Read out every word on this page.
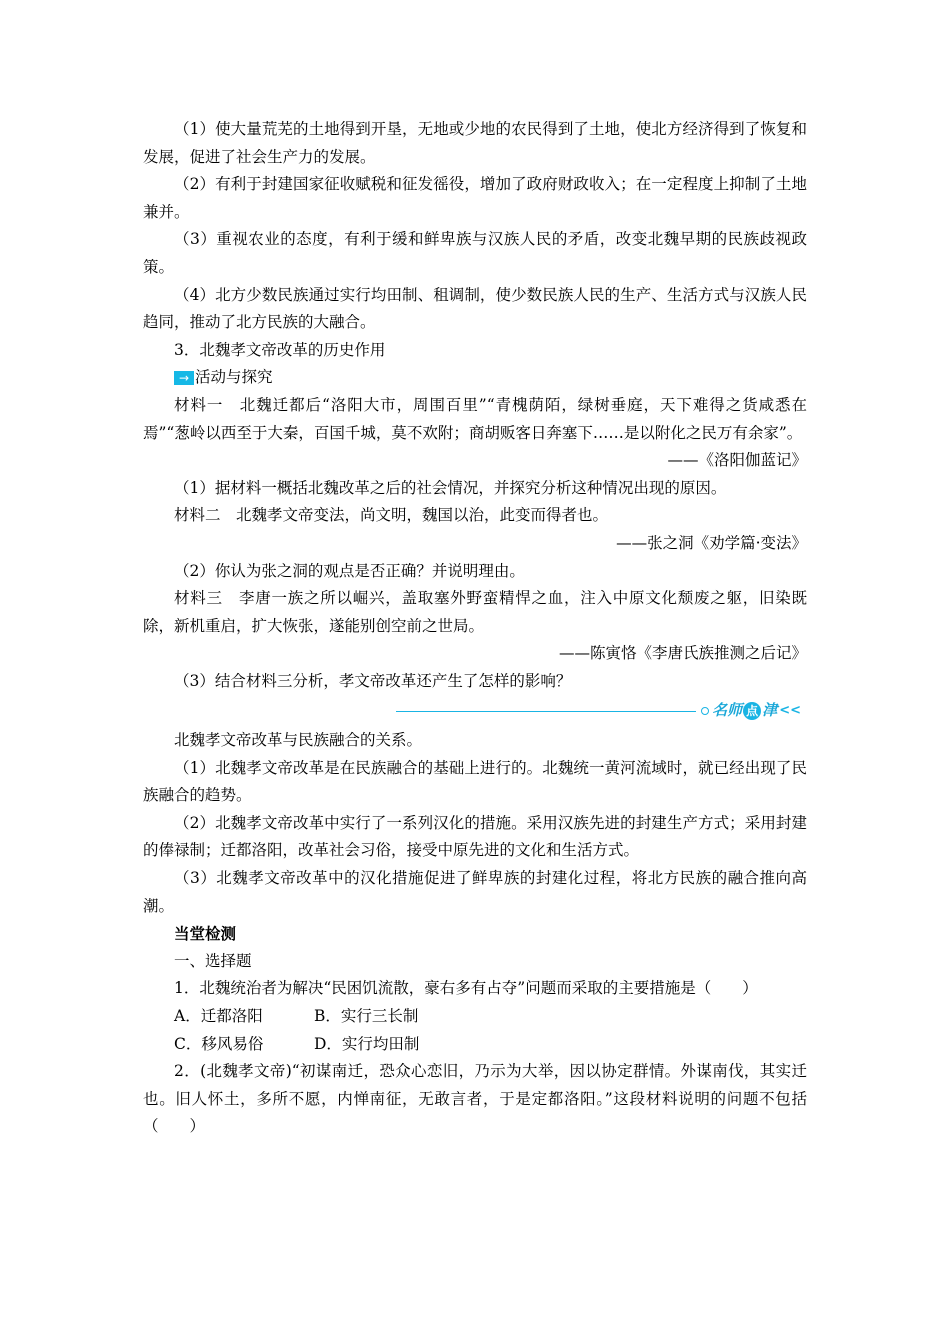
（1）使大量荒芜的土地得到开垦，无地或少地的农民得到了土地，使北方经济得到了恢复和发展，促进了社会生产力的发展。

（2）有利于封建国家征收赋税和征发徭役，增加了政府财政收入；在一定程度上抑制了土地兼并。

（3）重视农业的态度，有利于缓和鲜卑族与汉族人民的矛盾，改变北魏早期的民族歧视政策。

（4）北方少数民族通过实行均田制、租调制，使少数民族人民的生产、生活方式与汉族人民趋同，推动了北方民族的大融合。

3．北魏孝文帝改革的历史作用

→ 活动与探究

材料一　北魏迁都后“洛阳大市，周围百里”“青槐荫陌，绿树垂庭，天下难得之货咸悉在焉”“葱岭以西至于大秦，百国千城，莫不欢附；商胡贩客日奔塞下……是以附化之民万有余家”。

——《洛阳伽蓝记》

（1）据材料一概括北魏改革之后的社会情况，并探究分析这种情况出现的原因。

材料二　北魏孝文帝变法，尚文明，魏国以治，此变而得者也。

——张之洞《劝学篇·变法》

（2）你认为张之洞的观点是否正确？并说明理由。

材料三　李唐一族之所以崛兴，盖取塞外野蛮精悍之血，注入中原文化颓废之躯，旧染既除，新机重启，扩大恢张，遂能别创空前之世局。

——陈寅恪《李唐氏族推测之后记》

（3）结合材料三分析，孝文帝改革还产生了怎样的影响？

名师 点 津 <<

北魏孝文帝改革与民族融合的关系。

（1）北魏孝文帝改革是在民族融合的基础上进行的。北魏统一黄河流域时，就已经出现了民族融合的趋势。

（2）北魏孝文帝改革中实行了一系列汉化的措施。采用汉族先进的封建生产方式；采用封建的俸禄制；迁都洛阳，改革社会习俗，接受中原先进的文化和生活方式。

（3）北魏孝文帝改革中的汉化措施促进了鲜卑族的封建化过程，将北方民族的融合推向高潮。

当堂检测

一、选择题

1．北魏统治者为解决“民困饥流散，豪右多有占夺”问题而采取的主要措施是（　　）

A．迁都洛阳	B．实行三长制
C．移风易俗	D．实行均田制

2．(北魏孝文帝)“初谋南迁，恐众心恋旧，乃示为大举，因以协定群情。外谋南伐，其实迁也。旧人怀土，多所不愿，内惮南征，无敢言者，于是定都洛阳。”这段材料说明的问题不包括（　　）
